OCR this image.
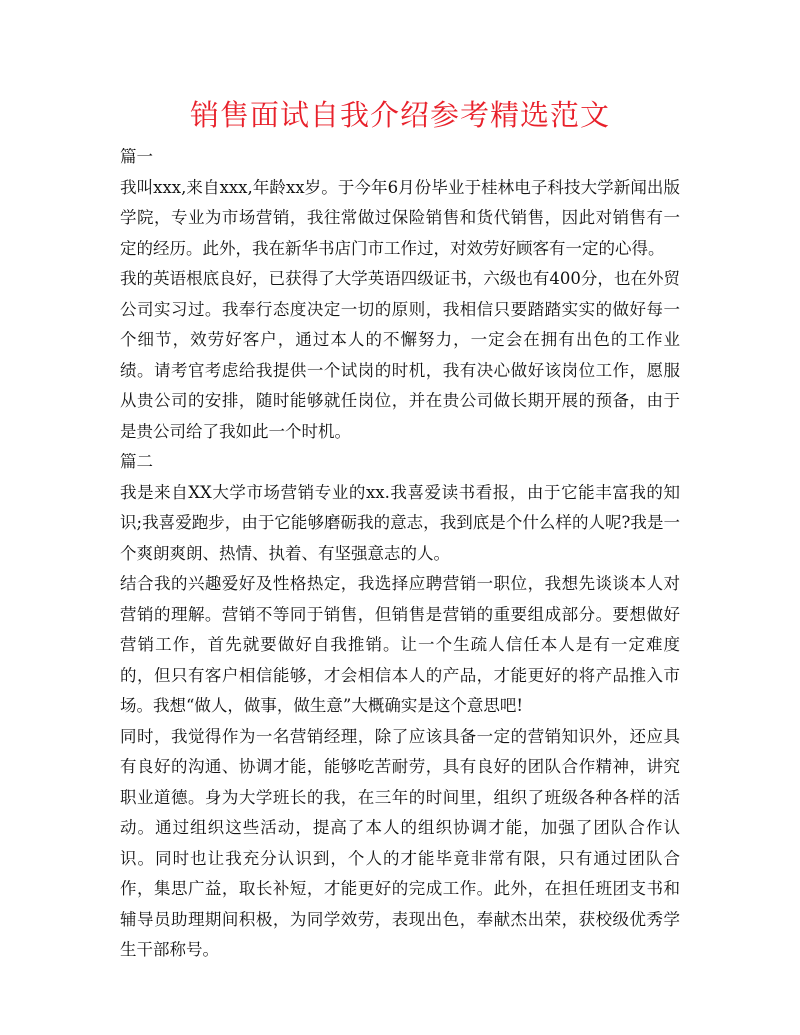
销售面试自我介绍参考精选范文

篇一

我叫xxx,来自xxx,年龄xx岁。于今年6月份毕业于桂林电子科技大学新闻出版学院，专业为市场营销，我往常做过保险销售和货代销售，因此对销售有一定的经历。此外，我在新华书店门市工作过，对效劳好顾客有一定的心得。

我的英语根底良好，已获得了大学英语四级证书，六级也有400分，也在外贸公司实习过。我奉行态度决定一切的原则，我相信只要踏踏实实的做好每一个细节，效劳好客户，通过本人的不懈努力，一定会在拥有出色的工作业绩。请考官考虑给我提供一个试岗的时机，我有决心做好该岗位工作，愿服从贵公司的安排，随时能够就任岗位，并在贵公司做长期开展的预备，由于是贵公司给了我如此一个时机。

篇二

我是来自XX大学市场营销专业的xx.我喜爱读书看报，由于它能丰富我的知识;我喜爱跑步，由于它能够磨砺我的意志，我到底是个什么样的人呢?我是一个爽朗爽朗、热情、执着、有坚强意志的人。

结合我的兴趣爱好及性格热定，我选择应聘营销一职位，我想先谈谈本人对营销的理解。营销不等同于销售，但销售是营销的重要组成部分。要想做好营销工作，首先就要做好自我推销。让一个生疏人信任本人是有一定难度的，但只有客户相信能够，才会相信本人的产品，才能更好的将产品推入市场。我想“做人，做事，做生意”大概确实是这个意思吧!

同时，我觉得作为一名营销经理，除了应该具备一定的营销知识外，还应具有良好的沟通、协调才能，能够吃苦耐劳，具有良好的团队合作精神，讲究职业道德。身为大学班长的我，在三年的时间里，组织了班级各种各样的活动。通过组织这些活动，提高了本人的组织协调才能，加强了团队合作认识。同时也让我充分认识到，个人的才能毕竟非常有限，只有通过团队合作，集思广益，取长补短，才能更好的完成工作。此外，在担任班团支书和辅导员助理期间积极，为同学效劳，表现出色，奉献杰出荣，获校级优秀学生干部称号。
